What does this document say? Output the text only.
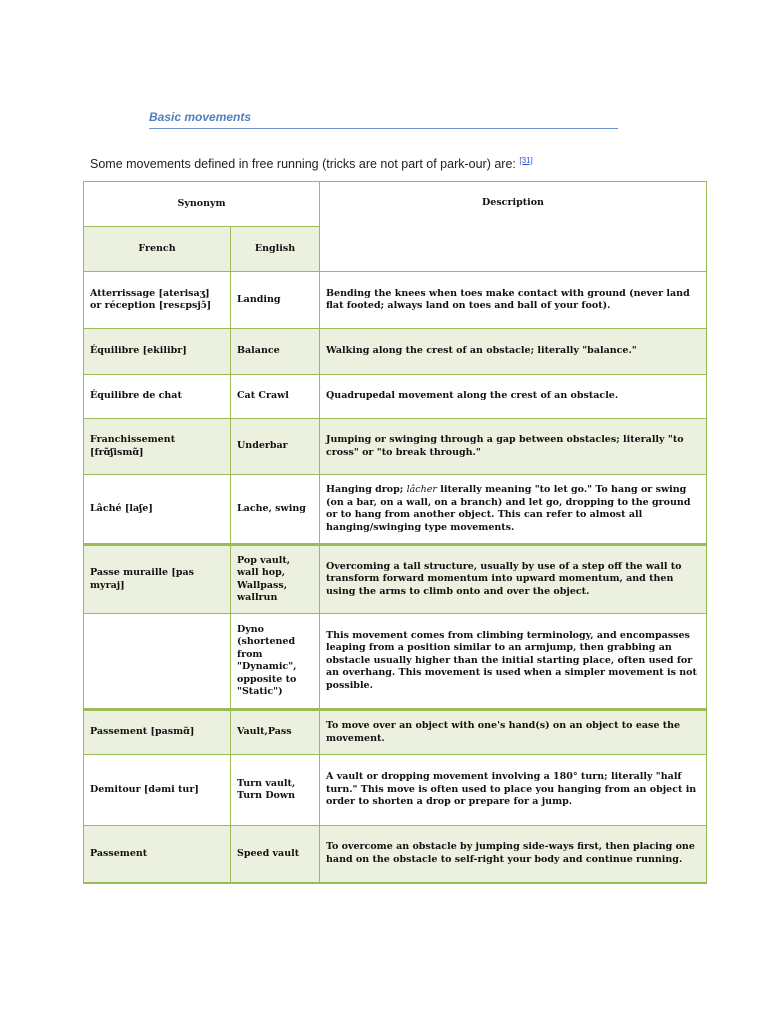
Basic movements
Some movements defined in free running (tricks are not part of park-our) are: [31]
Synonym		Description
French	English	
Atterrissage [aterisaʒ] or réception [resɛpsjɔ̃]	Landing	Bending the knees when toes make contact with ground (never land flat footed; always land on toes and ball of your foot).
Équilibre [ekilibr]	Balance	Walking along the crest of an obstacle; literally "balance."
Équilibre de chat	Cat Crawl	Quadrupedal movement along the crest of an obstacle.
Franchissement [frɑ̃ʃismɑ̃]	Underbar	Jumping or swinging through a gap between obstacles; literally "to cross" or "to break through."
Lâché [laʃe]	Lache, swing	Hanging drop; lâcher literally meaning "to let go." To hang or swing (on a bar, on a wall, on a branch) and let go, dropping to the ground or to hang from another object. This can refer to almost all hanging/swinging type movements.
Passe muraille [pas myraj]	Pop vault, wall hop, Wallpass, wallrun	Overcoming a tall structure, usually by use of a step off the wall to transform forward momentum into upward momentum, and then using the arms to climb onto and over the object.
	Dyno (shortened from "Dynamic", opposite to "Static")	This movement comes from climbing terminology, and encompasses leaping from a position similar to an armjump, then grabbing an obstacle usually higher than the initial starting place, often used for an overhang. This movement is used when a simpler movement is not possible.
Passement [pasmɑ̃]	Vault,Pass	To move over an object with one's hand(s) on an object to ease the movement.
Demitour [dəmi tur]	Turn vault, Turn Down	A vault or dropping movement involving a 180° turn; literally "half turn." This move is often used to place you hanging from an object in order to shorten a drop or prepare for a jump.
Passement	Speed vault	To overcome an obstacle by jumping side-ways first, then placing one hand on the obstacle to self-right your body and continue running.
